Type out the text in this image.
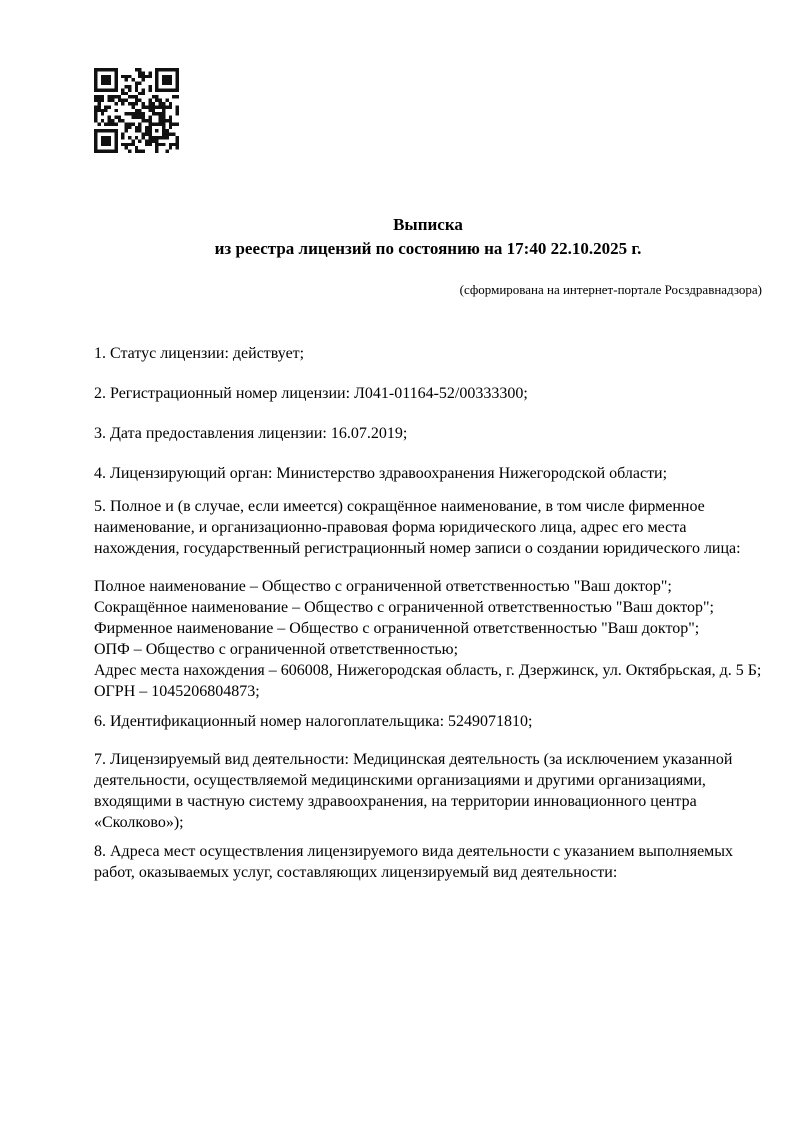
Выписка
из реестра лицензий по состоянию на 17:40 22.10.2025 г.
(сформирована на интернет-портале Росздравнадзора)

1. Статус лицензии: действует;

2. Регистрационный номер лицензии: Л041-01164-52/00333300;

3. Дата предоставления лицензии: 16.07.2019;

4. Лицензирующий орган: Министерство здравоохранения Нижегородской области;

5. Полное и (в случае, если имеется) сокращённое наименование, в том числе фирменное наименование, и организационно-правовая форма юридического лица, адрес его места нахождения, государственный регистрационный номер записи о создании юридического лица:

Полное наименование – Общество с ограниченной ответственностью "Ваш доктор";
Сокращённое наименование – Общество с ограниченной ответственностью "Ваш доктор";
Фирменное наименование – Общество с ограниченной ответственностью "Ваш доктор";
ОПФ – Общество с ограниченной ответственностью;
Адрес места нахождения – 606008, Нижегородская область, г. Дзержинск, ул. Октябрьская, д. 5 Б;
ОГРН – 1045206804873;

6. Идентификационный номер налогоплательщика: 5249071810;

7. Лицензируемый вид деятельности: Медицинская деятельность (за исключением указанной деятельности, осуществляемой медицинскими организациями и другими организациями, входящими в частную систему здравоохранения, на территории инновационного центра «Сколково»);

8. Адреса мест осуществления лицензируемого вида деятельности с указанием выполняемых работ, оказываемых услуг, составляющих лицензируемый вид деятельности:
